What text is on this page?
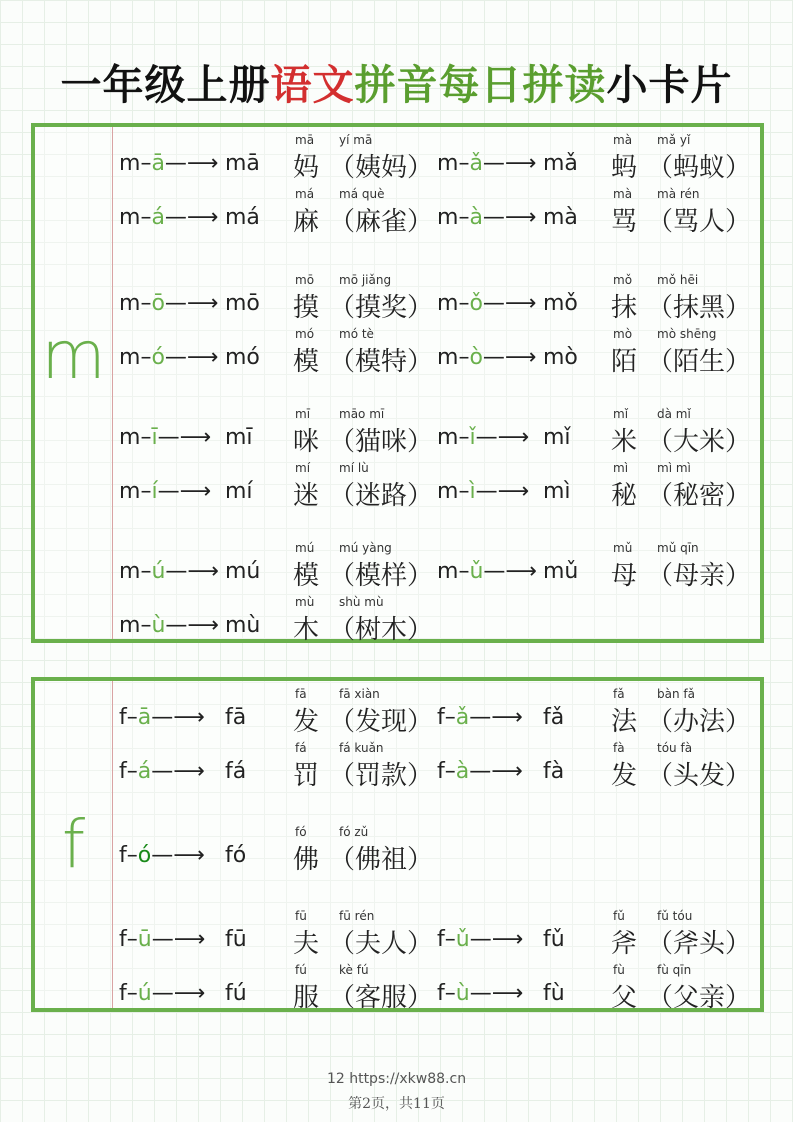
一年级上册语文拼音每日拼读小卡片
m
m–ā—⟶ mā
mā
妈
yí mā
（姨妈） m–ǎ—⟶ mǎ
mà
蚂
mǎ yǐ
（蚂蚁）
m–á—⟶ má
má
麻
má què
（麻雀） m–à—⟶ mà
mà
骂
mà rén
（骂人）
m–ō—⟶ mō
mō
摸
mō jiǎng
（摸奖） m–ǒ—⟶ mǒ
mǒ
抹
mǒ hēi
（抹黑）
m–ó—⟶ mó
mó
模
mó tè
（模特） m–ò—⟶ mò
mò
陌
mò shēng
（陌生）
m–ī—⟶ mī
mī
咪
māo mī
（猫咪） m–ǐ—⟶ mǐ
mǐ
米
dà mǐ
（大米）
m–í—⟶ mí
mí
迷
mí lù
（迷路） m–ì—⟶ mì
mì
秘
mì mì
（秘密）
m–ú—⟶ mú
mú
模
mú yàng
（模样） m–ǔ—⟶ mǔ
mǔ
母
mǔ qīn
（母亲）
m–ù—⟶ mù
mù
木
shù mù
（树木）
f
f–ā—⟶ fā
fā
发
fā xiàn
（发现） f–ǎ—⟶ fǎ
fǎ
法
bàn fǎ
（办法）
f–á—⟶ fá
fá
罚
fá kuǎn
（罚款） f–à—⟶ fà
fà
发
tóu fà
（头发）
f–ó—⟶ fó
fó
佛
fó zǔ
（佛祖）
f–ū—⟶ fū
fū
夫
fū rén
（夫人） f–ǔ—⟶ fǔ
fǔ
斧
fǔ tóu
（斧头）
f–ú—⟶ fú
fú
服
kè fú
（客服） f–ù—⟶ fù
fù
父
fù qīn
（父亲）
12 https://xkw88.cn
第2页，共11页
